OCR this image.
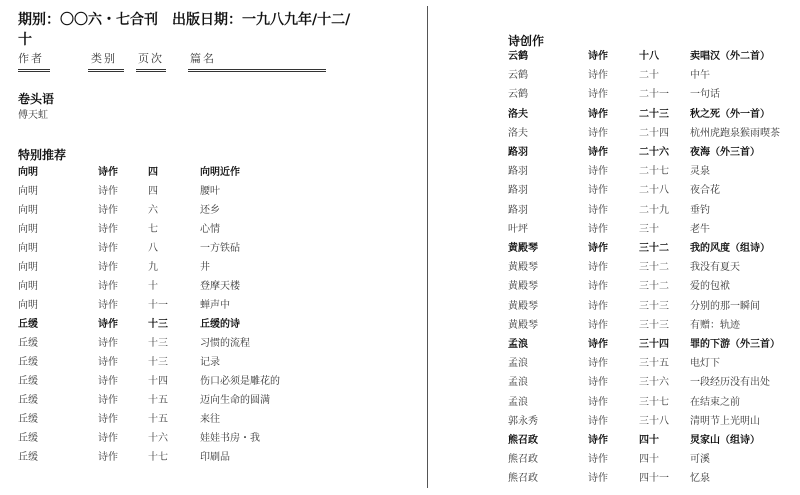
期别：〇〇六・七合刊　出版日期：一九八九年/十二/
十
作者	类别 页次 篇名
卷头语
傅天虹
特别推荐
向明	诗作	四	向明近作
向明	诗作	四	腰叶
向明	诗作	六	还乡
向明	诗作	七	心情
向明	诗作	八	一方铁砧
向明	诗作	九	井
向明	诗作	十	登摩天楼
向明	诗作	十一	蝉声中
丘缓	诗作	十三	丘缓的诗
丘缓	诗作	十三	习惯的流程
丘缓	诗作	十三	记录
丘缓	诗作	十四	伤口必须是雕花的
丘缓	诗作	十五	迈向生命的圆满
丘缓	诗作	十五	来往
丘缓	诗作	十六	娃娃书房・我
丘缓	诗作	十七	印刷品
诗创作
云鹤	诗作	十八	卖唱汉（外二首）
云鹤	诗作	二十	中午
云鹤	诗作	二十一 一句话
洛夫	诗作	二十三 秋之死（外一首）
洛夫	诗作	二十四 杭州虎跑泉猴雨喫茶
路羽	诗作	二十六 夜海（外三首）
路羽	诗作	二十七 灵泉
路羽	诗作	二十八 夜合花
路羽	诗作	二十九 垂钓
叶坪	诗作	三十	老牛
黄殿琴	诗作	三十二 我的风度（组诗）
黄殿琴	诗作	三十二 我没有夏天
黄殿琴	诗作	三十二 爱的包袱
黄殿琴	诗作	三十三 分别的那一瞬间
黄殿琴	诗作	三十三 有赠：轨迹
孟浪	诗作	三十四 罪的下游（外三首）
孟浪	诗作	三十五 电灯下
孟浪	诗作	三十六 一段经历没有出处
孟浪	诗作	三十七 在结束之前
郭永秀	诗作	三十八 清明节上光明山
熊召政	诗作	四十	炅家山（组诗）
熊召政	诗作	四十	可溪
熊召政	诗作	四十一 忆泉
